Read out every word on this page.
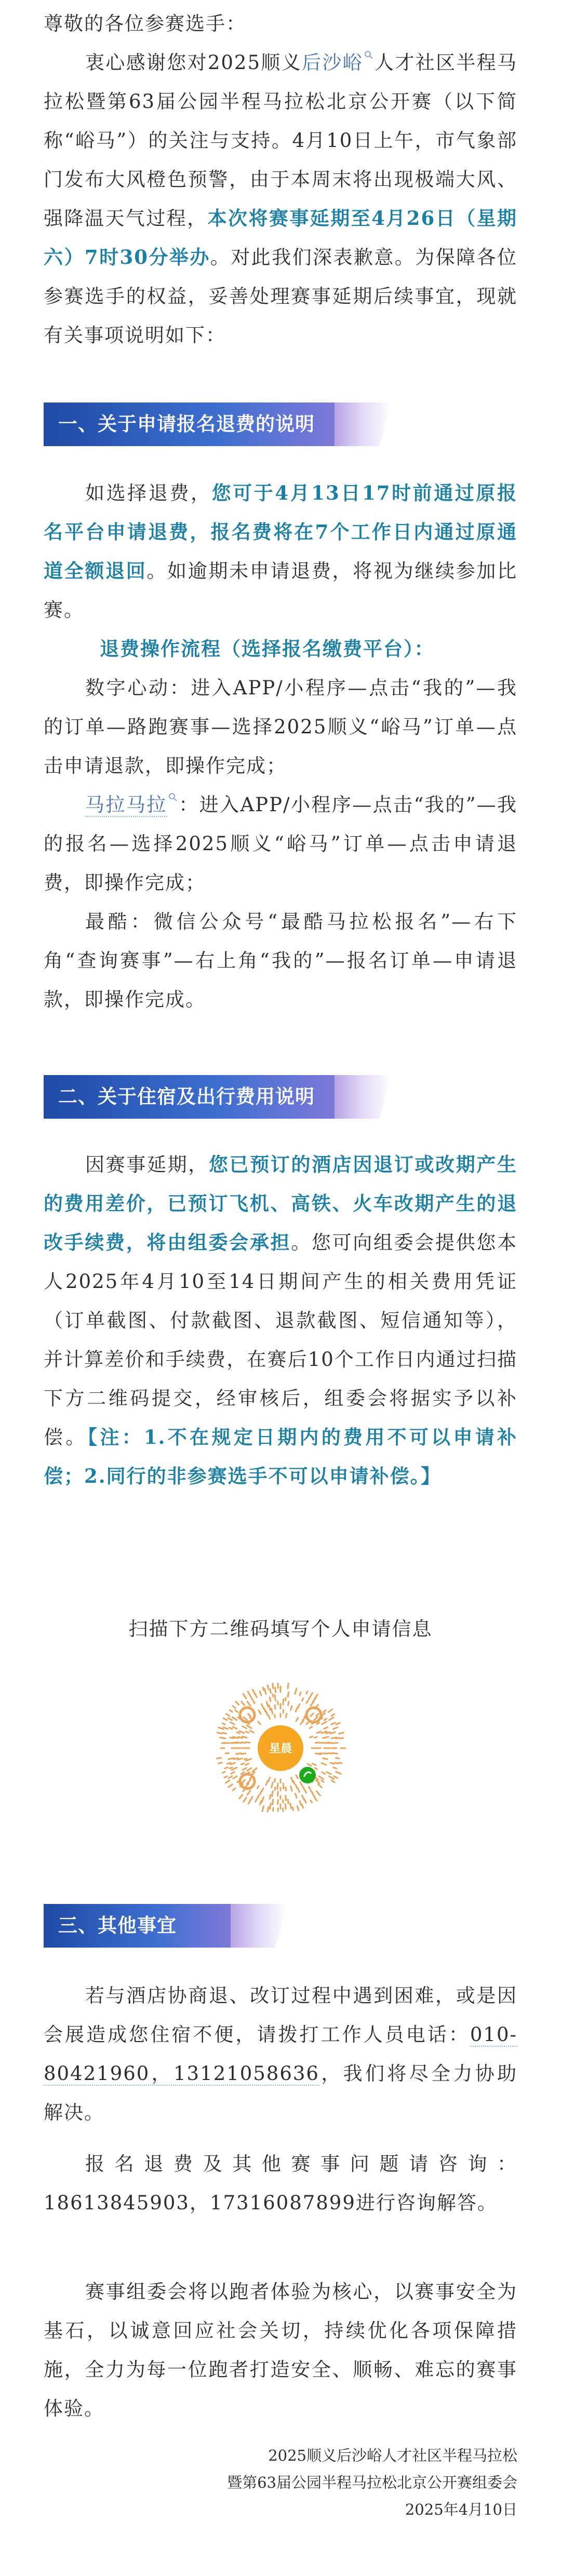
尊敬的各位参赛选手：

衷心感谢您对2025顺义后沙峪 人才社区半程马拉松暨第63届公园半程马拉松北京公开赛（以下简称“峪马”）的关注与支持。4月10日上午，市气象部门发布大风橙色预警，由于本周末将出现极端大风、强降温天气过程，本次将赛事延期至4月26日（星期六）7时30分举办。对此我们深表歉意。为保障各位参赛选手的权益，妥善处理赛事延期后续事宜，现就有关事项说明如下：

一、关于申请报名退费的说明

如选择退费，您可于4月13日17时前通过原报名平台申请退费，报名费将在7个工作日内通过原通道全额退回。如逾期未申请退费，将视为继续参加比赛。

退费操作流程（选择报名缴费平台）：

数字心动：进入APP/小程序—点击“我的”—我的订单—路跑赛事—选择2025顺义“峪马”订单—点击申请退款，即操作完成；

马拉马拉 ：进入APP/小程序—点击“我的”—我的报名—选择2025顺义“峪马”订单—点击申请退费，即操作完成；

最酷：微信公众号“最酷马拉松报名”—右下角“查询赛事”—右上角“我的”—报名订单—申请退款，即操作完成。

二、关于住宿及出行费用说明

因赛事延期，您已预订的酒店因退订或改期产生的费用差价，已预订飞机、高铁、火车改期产生的退改手续费，将由组委会承担。您可向组委会提供您本人2025年4月10至14日期间产生的相关费用凭证（订单截图、付款截图、退款截图、短信通知等），并计算差价和手续费，在赛后10个工作日内通过扫描下方二维码提交，经审核后，组委会将据实予以补偿。【注：1.不在规定日期内的费用不可以申请补偿；2.同行的非参赛选手不可以申请补偿。】

扫描下方二维码填写个人申请信息
星晨
三、其他事宜

若与酒店协商退、改订过程中遇到困难，或是因会展造成您住宿不便，请拨打工作人员电话：010-80421960，13121058636，我们将尽全力协助解决。

报名退费及其他赛事问题请咨询：18613845903，17316087899进行咨询解答。

赛事组委会将以跑者体验为核心，以赛事安全为基石，以诚意回应社会关切，持续优化各项保障措施，全力为每一位跑者打造安全、顺畅、难忘的赛事体验。

2025顺义后沙峪人才社区半程马拉松
暨第63届公园半程马拉松北京公开赛组委会
2025年4月10日
